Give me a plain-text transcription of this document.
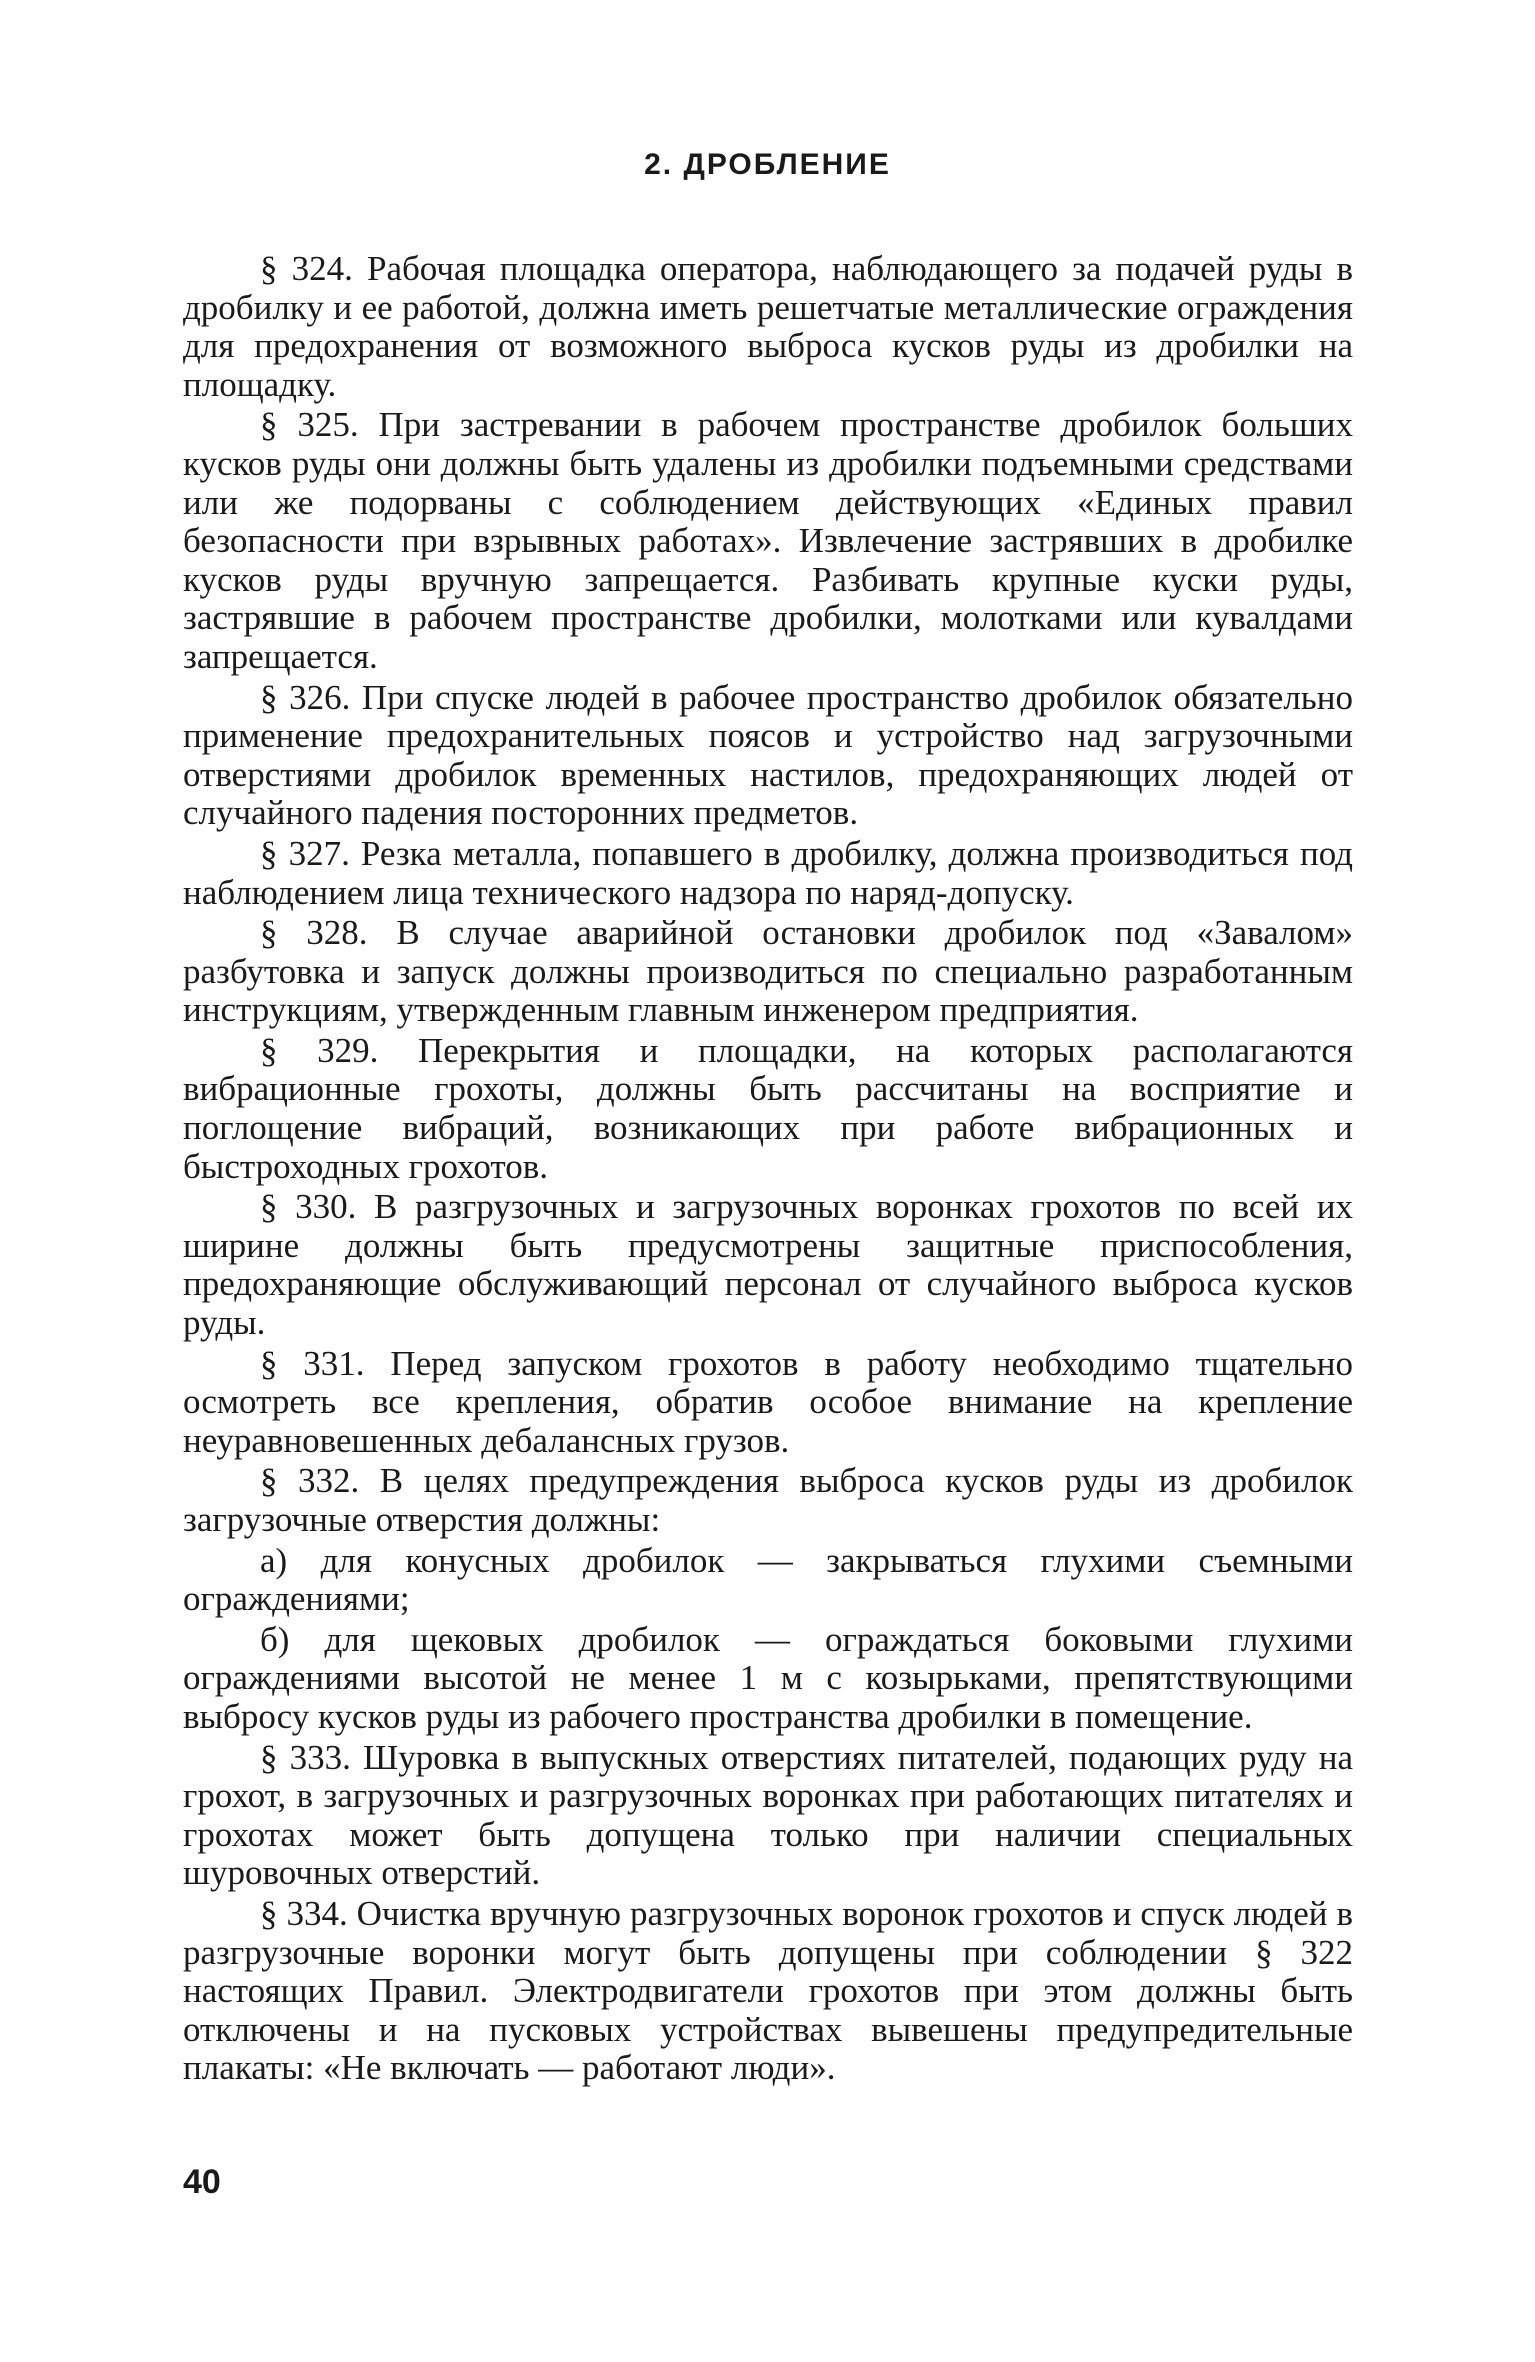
2. ДРОБЛЕНИЕ

§ 324. Рабочая площадка оператора, наблюдающего за подачей руды в дробилку и ее работой, должна иметь решетчатые металлические ограждения для предохранения от возможного выброса кусков руды из дробилки на площадку.

§ 325. При застревании в рабочем пространстве дробилок больших кусков руды они должны быть удалены из дробилки подъемными средствами или же подорваны с соблюдением действующих «Единых правил безопасности при взрывных работах». Извлечение застрявших в дробилке кусков руды вручную запрещается. Разбивать крупные куски руды, застрявшие в рабочем пространстве дробилки, молотками или кувалдами запрещается.

§ 326. При спуске людей в рабочее пространство дробилок обязательно применение предохранительных поясов и устройство над загрузочными отверстиями дробилок временных настилов, предохраняющих людей от случайного падения посторонних предметов.

§ 327. Резка металла, попавшего в дробилку, должна производиться под наблюдением лица технического надзора по наряд-допуску.

§ 328. В случае аварийной остановки дробилок под «Завалом» разбутовка и запуск должны производиться по специально разработанным инструкциям, утвержденным главным инженером предприятия.

§ 329. Перекрытия и площадки, на которых располагаются вибрационные грохоты, должны быть рассчитаны на восприятие и поглощение вибраций, возникающих при работе вибрационных и быстроходных грохотов.

§ 330. В разгрузочных и загрузочных воронках грохотов по всей их ширине должны быть предусмотрены защитные приспособления, предохраняющие обслуживающий персонал от случайного выброса кусков руды.

§ 331. Перед запуском грохотов в работу необходимо тщательно осмотреть все крепления, обратив особое внимание на крепление неуравновешенных дебалансных грузов.

§ 332. В целях предупреждения выброса кусков руды из дробилок загрузочные отверстия должны:

а) для конусных дробилок — закрываться глухими съемными ограждениями;

б) для щековых дробилок — ограждаться боковыми глухими ограждениями высотой не менее 1 м с козырьками, препятствующими выбросу кусков руды из рабочего пространства дробилки в помещение.

§ 333. Шуровка в выпускных отверстиях питателей, подающих руду на грохот, в загрузочных и разгрузочных воронках при работающих питателях и грохотах может быть допущена только при наличии специальных шуровочных отверстий.

§ 334. Очистка вручную разгрузочных воронок грохотов и спуск людей в разгрузочные воронки могут быть допущены при соблюдении § 322 настоящих Правил. Электродвигатели грохотов при этом должны быть отключены и на пусковых устройствах вывешены предупредительные плакаты: «Не включать — работают люди».

40
